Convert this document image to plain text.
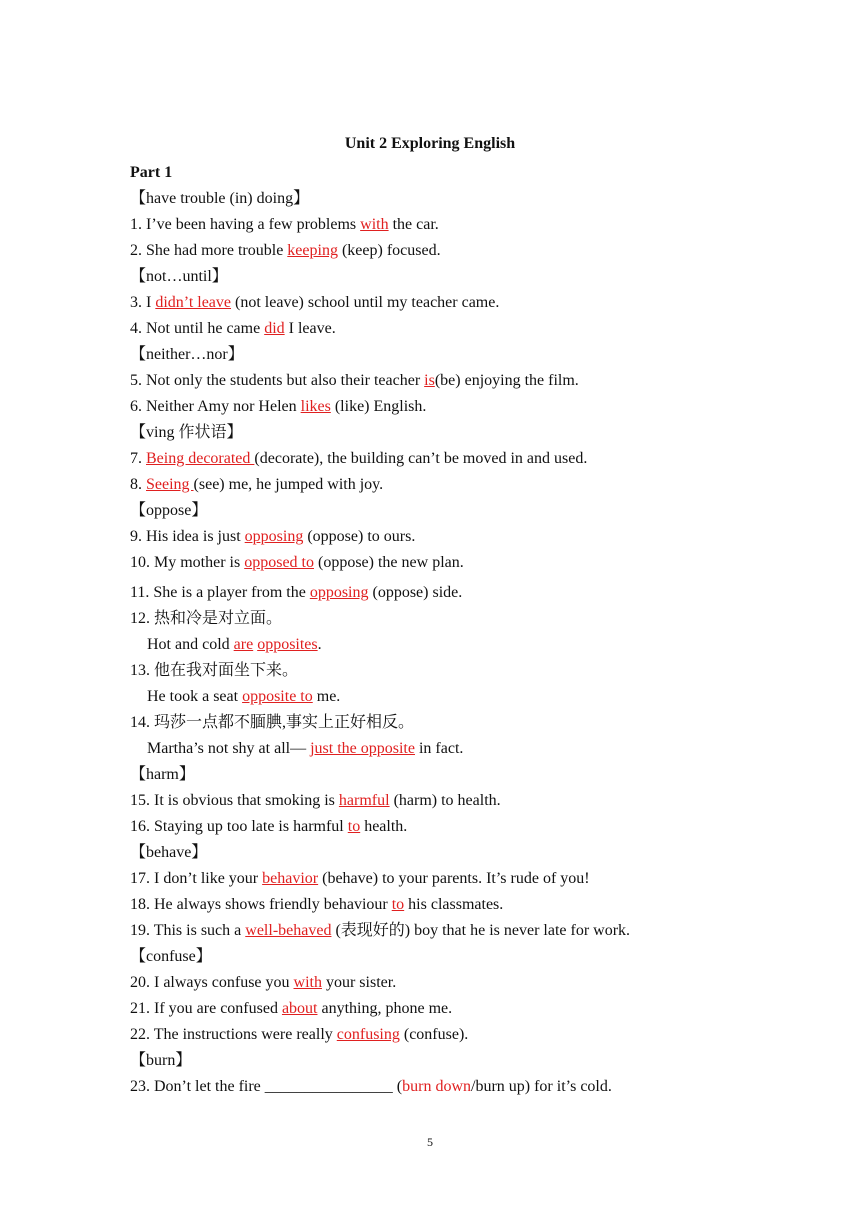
Unit 2 Exploring English
Part 1
【have trouble (in) doing】
1. I’ve been having a few problems with the car.
2. She had more trouble keeping (keep) focused.
【not…until】
3. I didn’t leave (not leave) school until my teacher came.
4. Not until he came did I leave.
【neither…nor】
5. Not only the students but also their teacher is(be) enjoying the film.
6. Neither Amy nor Helen likes (like) English.
【ving 作状语】
7. Being decorated (decorate), the building can’t be moved in and used.
8. Seeing (see) me, he jumped with joy.
【oppose】
9. His idea is just opposing (oppose) to ours.
10. My mother is opposed to (oppose) the new plan.
11. She is a player from the opposing (oppose) side.
12. 热和冷是对立面。
Hot and cold are opposites.
13. 他在我对面坐下来。
He took a seat opposite to me.
14. 玛莎一点都不腼腆,事实上正好相反。
Martha’s not shy at all— just the opposite in fact.
【harm】
15. It is obvious that smoking is harmful (harm) to health.
16. Staying up too late is harmful to health.
【behave】
17. I don’t like your behavior (behave) to your parents. It’s rude of you!
18. He always shows friendly behaviour to his classmates.
19. This is such a well-behaved (表现好的) boy that he is never late for work.
【confuse】
20. I always confuse you with your sister.
21. If you are confused about anything, phone me.
22. The instructions were really confusing (confuse).
【burn】
23. Don’t let the fire ________________ (burn down/burn up) for it’s cold.
5
